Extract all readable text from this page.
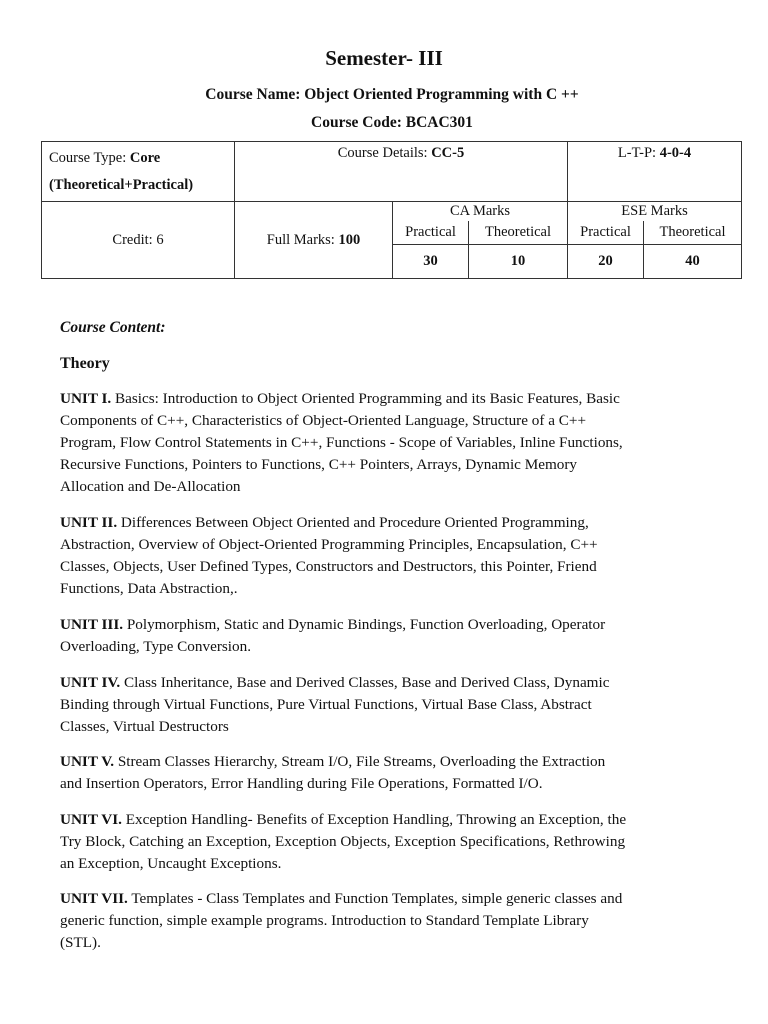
Semester- III
Course Name: Object Oriented Programming with C ++
Course Code: BCAC301
Course Type: Core
(Theoretical+Practical)	Course Details: CC-5			L-T-P: 4-0-4	
Credit: 6	Full Marks: 100	CA Marks		ESE Marks	
		Practical	Theoretical	Practical	Theoretical
		30	10	20	40
Course Content:
Theory

UNIT I. Basics: Introduction to Object Oriented Programming and its Basic Features, Basic
Components of C++, Characteristics of Object-Oriented Language, Structure of a C++
Program, Flow Control Statements in C++, Functions - Scope of Variables, Inline Functions,
Recursive Functions, Pointers to Functions, C++ Pointers, Arrays, Dynamic Memory
Allocation and De-Allocation

UNIT II. Differences Between Object Oriented and Procedure Oriented Programming,
Abstraction, Overview of Object-Oriented Programming Principles, Encapsulation, C++
Classes, Objects, User Defined Types, Constructors and Destructors, this Pointer, Friend
Functions, Data Abstraction,.

UNIT III. Polymorphism, Static and Dynamic Bindings, Function Overloading, Operator
Overloading, Type Conversion.

UNIT IV. Class Inheritance, Base and Derived Classes, Base and Derived Class, Dynamic
Binding through Virtual Functions, Pure Virtual Functions, Virtual Base Class, Abstract
Classes, Virtual Destructors

UNIT V. Stream Classes Hierarchy, Stream I/O, File Streams, Overloading the Extraction
and Insertion Operators, Error Handling during File Operations, Formatted I/O.

UNIT VI. Exception Handling- Benefits of Exception Handling, Throwing an Exception, the
Try Block, Catching an Exception, Exception Objects, Exception Specifications, Rethrowing
an Exception, Uncaught Exceptions.

UNIT VII. Templates - Class Templates and Function Templates, simple generic classes and
generic function, simple example programs. Introduction to Standard Template Library
(STL).
